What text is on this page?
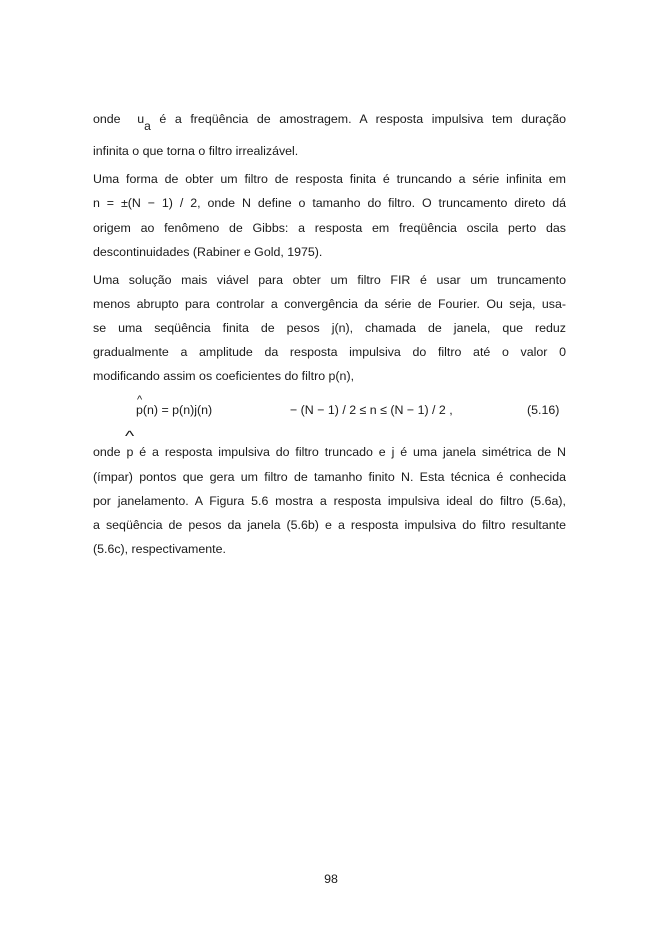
onde ua é a freqüência de amostragem. A resposta impulsiva tem duração
infinita o que torna o filtro irrealizável.
Uma forma de obter um filtro de resposta finita é truncando a série infinita em
n = ±(N − 1) / 2, onde N define o tamanho do filtro. O truncamento direto dá
origem ao fenômeno de Gibbs: a resposta em freqüência oscila perto das
descontinuidades (Rabiner e Gold, 1975).
Uma solução mais viável para obter um filtro FIR é usar um truncamento
menos abrupto para controlar a convergência da série de Fourier. Ou seja, usa-
se uma seqüência finita de pesos j(n), chamada de janela, que reduz
gradualmente a amplitude da resposta impulsiva do filtro até o valor 0
modificando assim os coeficientes do filtro p(n),
^ p(n) = p(n)j(n)	− (N − 1) / 2 ≤ n ≤ (N − 1) / 2 ,	(5.16)
onde ^ p é a resposta impulsiva do filtro truncado e j é uma janela simétrica de N
(ímpar) pontos que gera um filtro de tamanho finito N. Esta técnica é conhecida
por janelamento. A Figura 5.6 mostra a resposta impulsiva ideal do filtro (5.6a),
a seqüência de pesos da janela (5.6b) e a resposta impulsiva do filtro resultante
(5.6c), respectivamente.
98
